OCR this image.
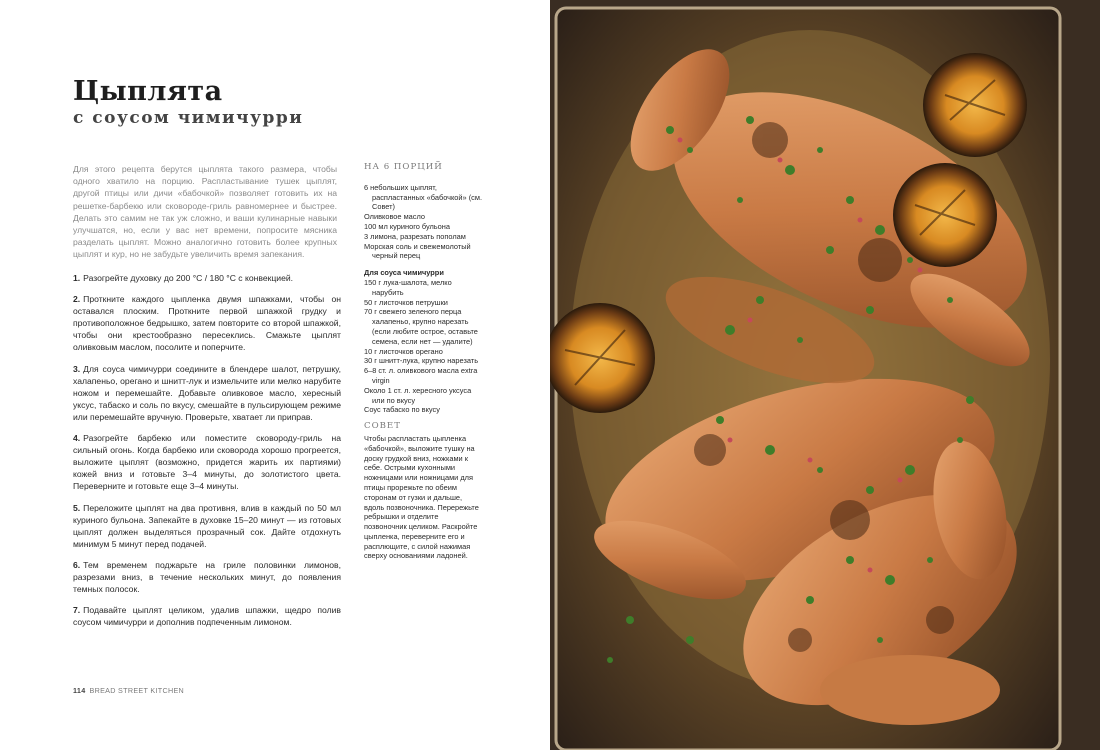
Цыплята
с соусом чимичурри

Для этого рецепта берутся цыплята такого размера, чтобы одного хватило на порцию. Распластывание тушек цыплят, другой птицы или дичи «бабочкой» позволяет готовить их на решетке-барбекю или сковороде-гриль равномернее и быстрее. Делать это самим не так уж сложно, и ваши кулинарные навыки улучшатся, но, если у вас нет времени, попросите мясника разделать цыплят. Можно аналогично готовить более крупных цыплят и кур, но не забудьте увеличить время запекания.

1. Разогрейте духовку до 200 °С / 180 °С с конвекцией.

2. Проткните каждого цыпленка двумя шпажками, чтобы он оставался плоским. Проткните первой шпажкой грудку и противоположное бедрышко, затем повторите со второй шпажкой, чтобы они крестообразно пересеклись. Смажьте цыплят оливковым маслом, посолите и поперчите.

3. Для соуса чимичурри соедините в блендере шалот, петрушку, халапеньо, орегано и шнитт-лук и измельчите или мелко нарубите ножом и перемешайте. Добавьте оливковое масло, хересный уксус, табаско и соль по вкусу, смешайте в пульсирующем режиме или перемешайте вручную. Проверьте, хватает ли приправ.

4. Разогрейте барбекю или поместите сковороду-гриль на сильный огонь. Когда барбекю или сковорода хорошо прогреется, выложите цыплят (возможно, придется жарить их партиями) кожей вниз и готовьте 3–4 минуты, до золотистого цвета. Переверните и готовьте еще 3–4 минуты.

5. Переложите цыплят на два противня, влив в каждый по 50 мл куриного бульона. Запекайте в духовке 15–20 минут — из готовых цыплят должен выделяться прозрачный сок. Дайте отдохнуть минимум 5 минут перед подачей.

6. Тем временем поджарьте на гриле половинки лимонов, разрезами вниз, в течение нескольких минут, до появления темных полосок.

7. Подавайте цыплят целиком, удалив шпажки, щедро полив соусом чимичурри и дополнив подпеченным лимоном.

НА 6 ПОРЦИЙ
6 небольших цыплят, распластанных «бабочкой» (см. Совет)
Оливковое масло
100 мл куриного бульона
3 лимона, разрезать пополам
Морская соль и свежемолотый черный перец
Для соуса чимичурри
150 г лука-шалота, мелко нарубить
50 г листочков петрушки
70 г свежего зеленого перца халапеньо, крупно нарезать (если любите острое, оставьте семена, если нет — удалите)
10 г листочков орегано
30 г шнитт-лука, крупно нарезать
6–8 ст. л. оливкового масла extra virgin
Около 1 ст. л. хересного уксуса или по вкусу
Соус табаско по вкусу
СОВЕТ

Чтобы распластать цыпленка «бабочкой», выложите тушку на доску грудкой вниз, ножками к себе. Острыми кухонными ножницами или ножницами для птицы прорежьте по обеим сторонам от гузки и дальше, вдоль позвоночника. Перережьте ребрышки и отделите позвоночник целиком. Раскройте цыпленка, переверните его и расплющите, с силой нажимая сверху основаниями ладоней.

114 BREAD STREET KITCHEN
